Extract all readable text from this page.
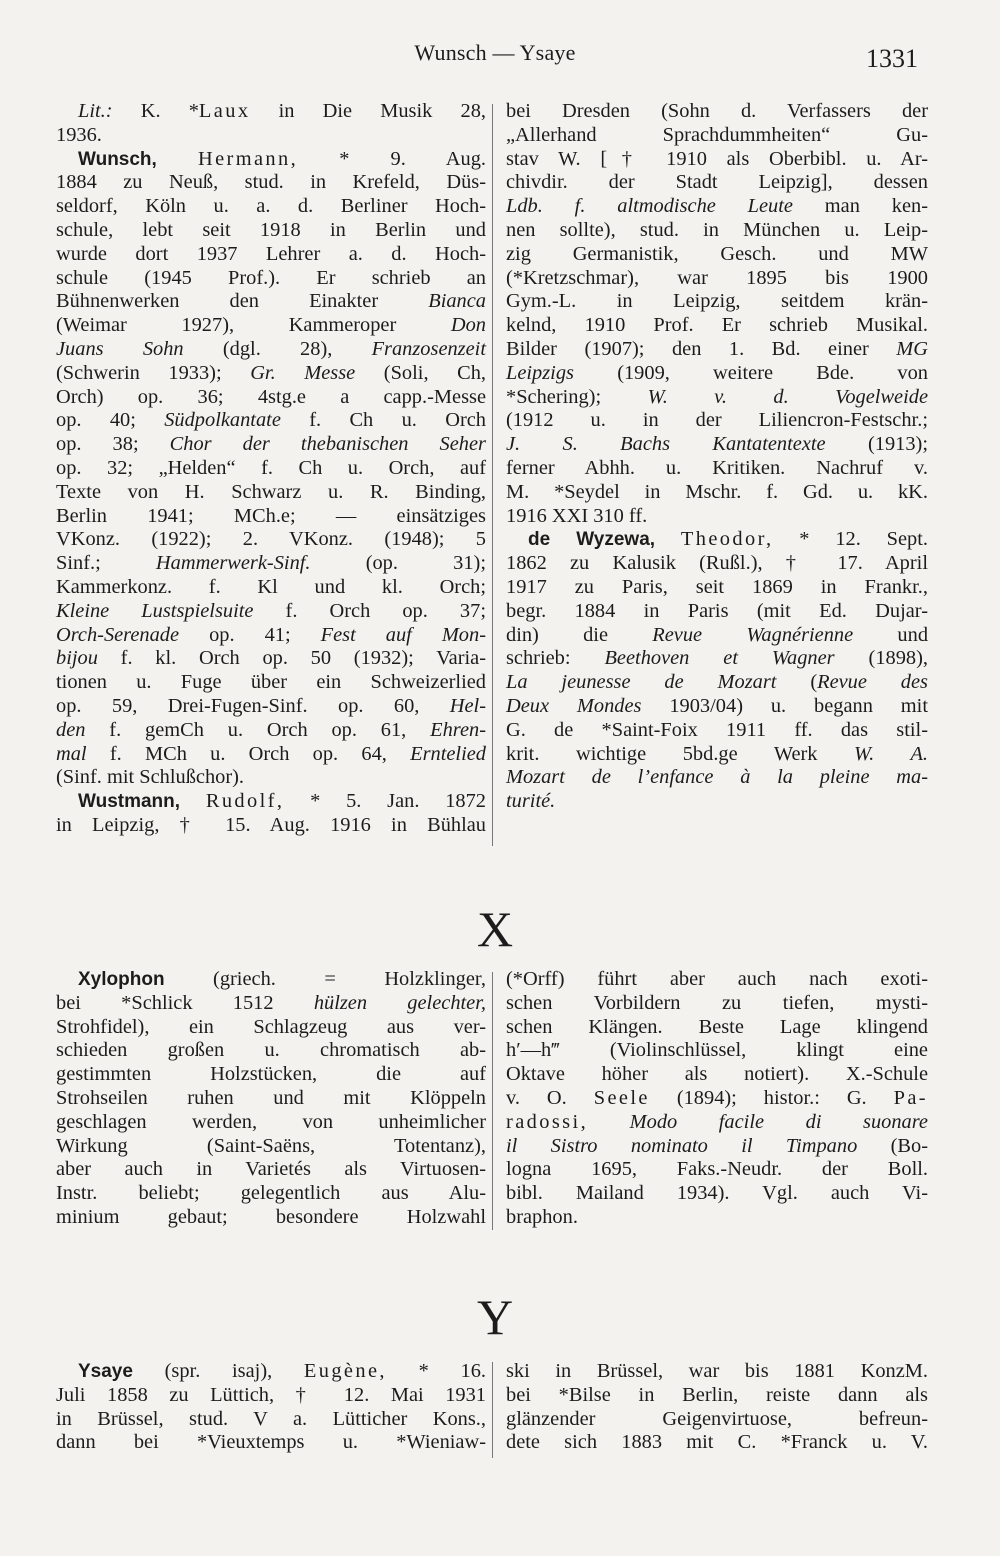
Wunsch — Ysaye	1331
Lit.: K. *Laux in Die Musik 28,
1936.
Wunsch, Hermann, * 9. Aug.
1884 zu Neuß, stud. in Krefeld, Düs-
seldorf, Köln u. a. d. Berliner Hoch-
schule, lebt seit 1918 in Berlin und
wurde dort 1937 Lehrer a. d. Hoch-
schule (1945 Prof.). Er schrieb an
Bühnenwerken den Einakter Bianca
(Weimar 1927), Kammeroper Don
Juans Sohn (dgl. 28), Franzosenzeit
(Schwerin 1933); Gr. Messe (Soli, Ch,
Orch) op. 36; 4stg.e a capp.-Messe
op. 40; Südpolkantate f. Ch u. Orch
op. 38; Chor der thebanischen Seher
op. 32; „Helden“ f. Ch u. Orch, auf
Texte von H. Schwarz u. R. Binding,
Berlin 1941; MCh.e; — einsätziges
VKonz. (1922); 2. VKonz. (1948); 5
Sinf.; Hammerwerk-Sinf. (op. 31);
Kammerkonz. f. Kl und kl. Orch;
Kleine Lustspielsuite f. Orch op. 37;
Orch-Serenade op. 41; Fest auf Mon-
bijou f. kl. Orch op. 50 (1932); Varia-
tionen u. Fuge über ein Schweizerlied
op. 59, Drei-Fugen-Sinf. op. 60, Hel-
den f. gemCh u. Orch op. 61, Ehren-
mal f. MCh u. Orch op. 64, Erntelied
(Sinf. mit Schlußchor).
Wustmann, Rudolf, * 5. Jan. 1872
in Leipzig, † 15. Aug. 1916 in Bühlau
bei Dresden (Sohn d. Verfassers der
„Allerhand Sprachdummheiten“ Gu-
stav W. [† 1910 als Oberbibl. u. Ar-
chivdir. der Stadt Leipzig], dessen
Ldb. f. altmodische Leute man ken-
nen sollte), stud. in München u. Leip-
zig Germanistik, Gesch. und MW
(*Kretzschmar), war 1895 bis 1900
Gym.-L. in Leipzig, seitdem krän-
kelnd, 1910 Prof. Er schrieb Musikal.
Bilder (1907); den 1. Bd. einer MG
Leipzigs (1909, weitere Bde. von
*Schering); W. v. d. Vogelweide
(1912 u. in der Liliencron-Festschr.;
J. S. Bachs Kantatentexte (1913);
ferner Abhh. u. Kritiken. Nachruf v.
M. *Seydel in Mschr. f. Gd. u. kK.
1916 XXI 310 ff.
de Wyzewa, Theodor, * 12. Sept.
1862 zu Kalusik (Rußl.), † 17. April
1917 zu Paris, seit 1869 in Frankr.,
begr. 1884 in Paris (mit Ed. Dujar-
din) die Revue Wagnérienne und
schrieb: Beethoven et Wagner (1898),
La jeunesse de Mozart (Revue des
Deux Mondes 1903/04) u. begann mit
G. de *Saint-Foix 1911 ff. das stil-
krit. wichtige 5bd.ge Werk W. A.
Mozart de l’enfance à la pleine ma-
turité.
X
Xylophon (griech. = Holzklinger,
bei *Schlick 1512 hülzen gelechter,
Strohfidel), ein Schlagzeug aus ver-
schieden großen u. chromatisch ab-
gestimmten Holzstücken, die auf
Strohseilen ruhen und mit Klöppeln
geschlagen werden, von unheimlicher
Wirkung (Saint-Saëns, Totentanz),
aber auch in Varietés als Virtuosen-
Instr. beliebt; gelegentlich aus Alu-
minium gebaut; besondere Holzwahl
(*Orff) führt aber auch nach exoti-
schen Vorbildern zu tiefen, mysti-
schen Klängen. Beste Lage klingend
h′—h‴ (Violinschlüssel, klingt eine
Oktave höher als notiert). X.-Schule
v. O. Seele (1894); histor.: G. Pa-
radossi, Modo facile di suonare
il Sistro nominato il Timpano (Bo-
logna 1695, Faks.-Neudr. der Boll.
bibl. Mailand 1934). Vgl. auch Vi-
braphon.
Y
Ysaye (spr. isaj), Eugène, * 16.
Juli 1858 zu Lüttich, † 12. Mai 1931
in Brüssel, stud. V a. Lütticher Kons.,
dann bei *Vieuxtemps u. *Wieniaw-
ski in Brüssel, war bis 1881 KonzM.
bei *Bilse in Berlin, reiste dann als
glänzender Geigenvirtuose, befreun-
dete sich 1883 mit C. *Franck u. V.
